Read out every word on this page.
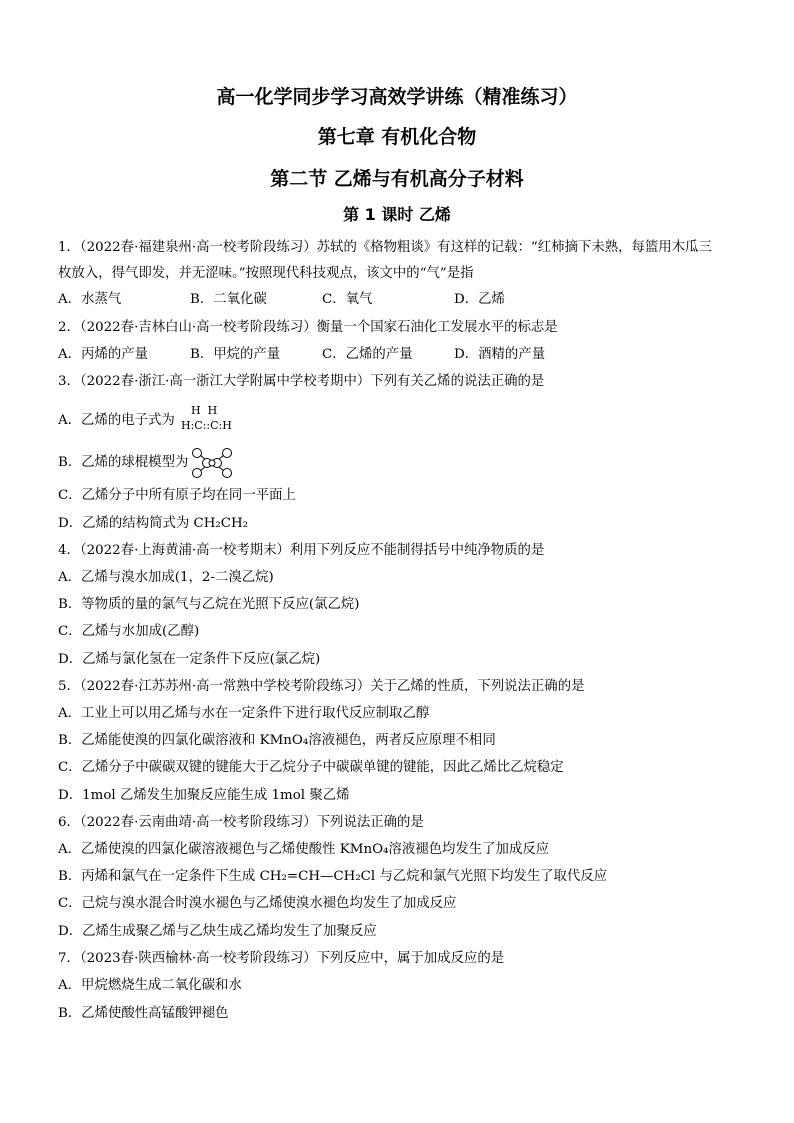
高一化学同步学习高效学讲练（精准练习）
第七章 有机化合物
第二节 乙烯与有机高分子材料
第 1 课时 乙烯
1．（2022春·福建泉州·高一校考阶段练习）苏轼的《格物粗谈》有这样的记载：“红柿摘下未熟，每篮用木瓜三
枚放入，得气即发，并无涩味。”按照现代科技观点，该文中的“气”是指
A．水蒸气	B．二氧化碳	C．氧气	D．乙烯
2．（2022春·吉林白山·高一校考阶段练习）衡量一个国家石油化工发展水平的标志是
A．丙烯的产量	B．甲烷的产量	C．乙烯的产量	D．酒精的产量
3．（2022春·浙江·高一浙江大学附属中学校考期中）下列有关乙烯的说法正确的是
A．乙烯的电子式为
H  H
H:C::C:H
B．乙烯的球棍模型为
C．乙烯分子中所有原子均在同一平面上
D．乙烯的结构简式为 CH₂CH₂
4．（2022春·上海黄浦·高一校考期末）利用下列反应不能制得括号中纯净物质的是
A．乙烯与溴水加成(1，2-二溴乙烷)
B．等物质的量的氯气与乙烷在光照下反应(氯乙烷)
C．乙烯与水加成(乙醇)
D．乙烯与氯化氢在一定条件下反应(氯乙烷)
5．（2022春·江苏苏州·高一常熟中学校考阶段练习）关于乙烯的性质，下列说法正确的是
A．工业上可以用乙烯与水在一定条件下进行取代反应制取乙醇
B．乙烯能使溴的四氯化碳溶液和 KMnO₄溶液褪色，两者反应原理不相同
C．乙烯分子中碳碳双键的键能大于乙烷分子中碳碳单键的键能，因此乙烯比乙烷稳定
D．1mol 乙烯发生加聚反应能生成 1mol 聚乙烯
6．（2022春·云南曲靖·高一校考阶段练习）下列说法正确的是
A．乙烯使溴的四氯化碳溶液褪色与乙烯使酸性 KMnO₄溶液褪色均发生了加成反应
B．丙烯和氯气在一定条件下生成 CH₂=CH—CH₂Cl 与乙烷和氯气光照下均发生了取代反应
C．己烷与溴水混合时溴水褪色与乙烯使溴水褪色均发生了加成反应
D．乙烯生成聚乙烯与乙炔生成乙烯均发生了加聚反应
7．（2023春·陕西榆林·高一校考阶段练习）下列反应中，属于加成反应的是
A．甲烷燃烧生成二氧化碳和水
B．乙烯使酸性高锰酸钾褪色
